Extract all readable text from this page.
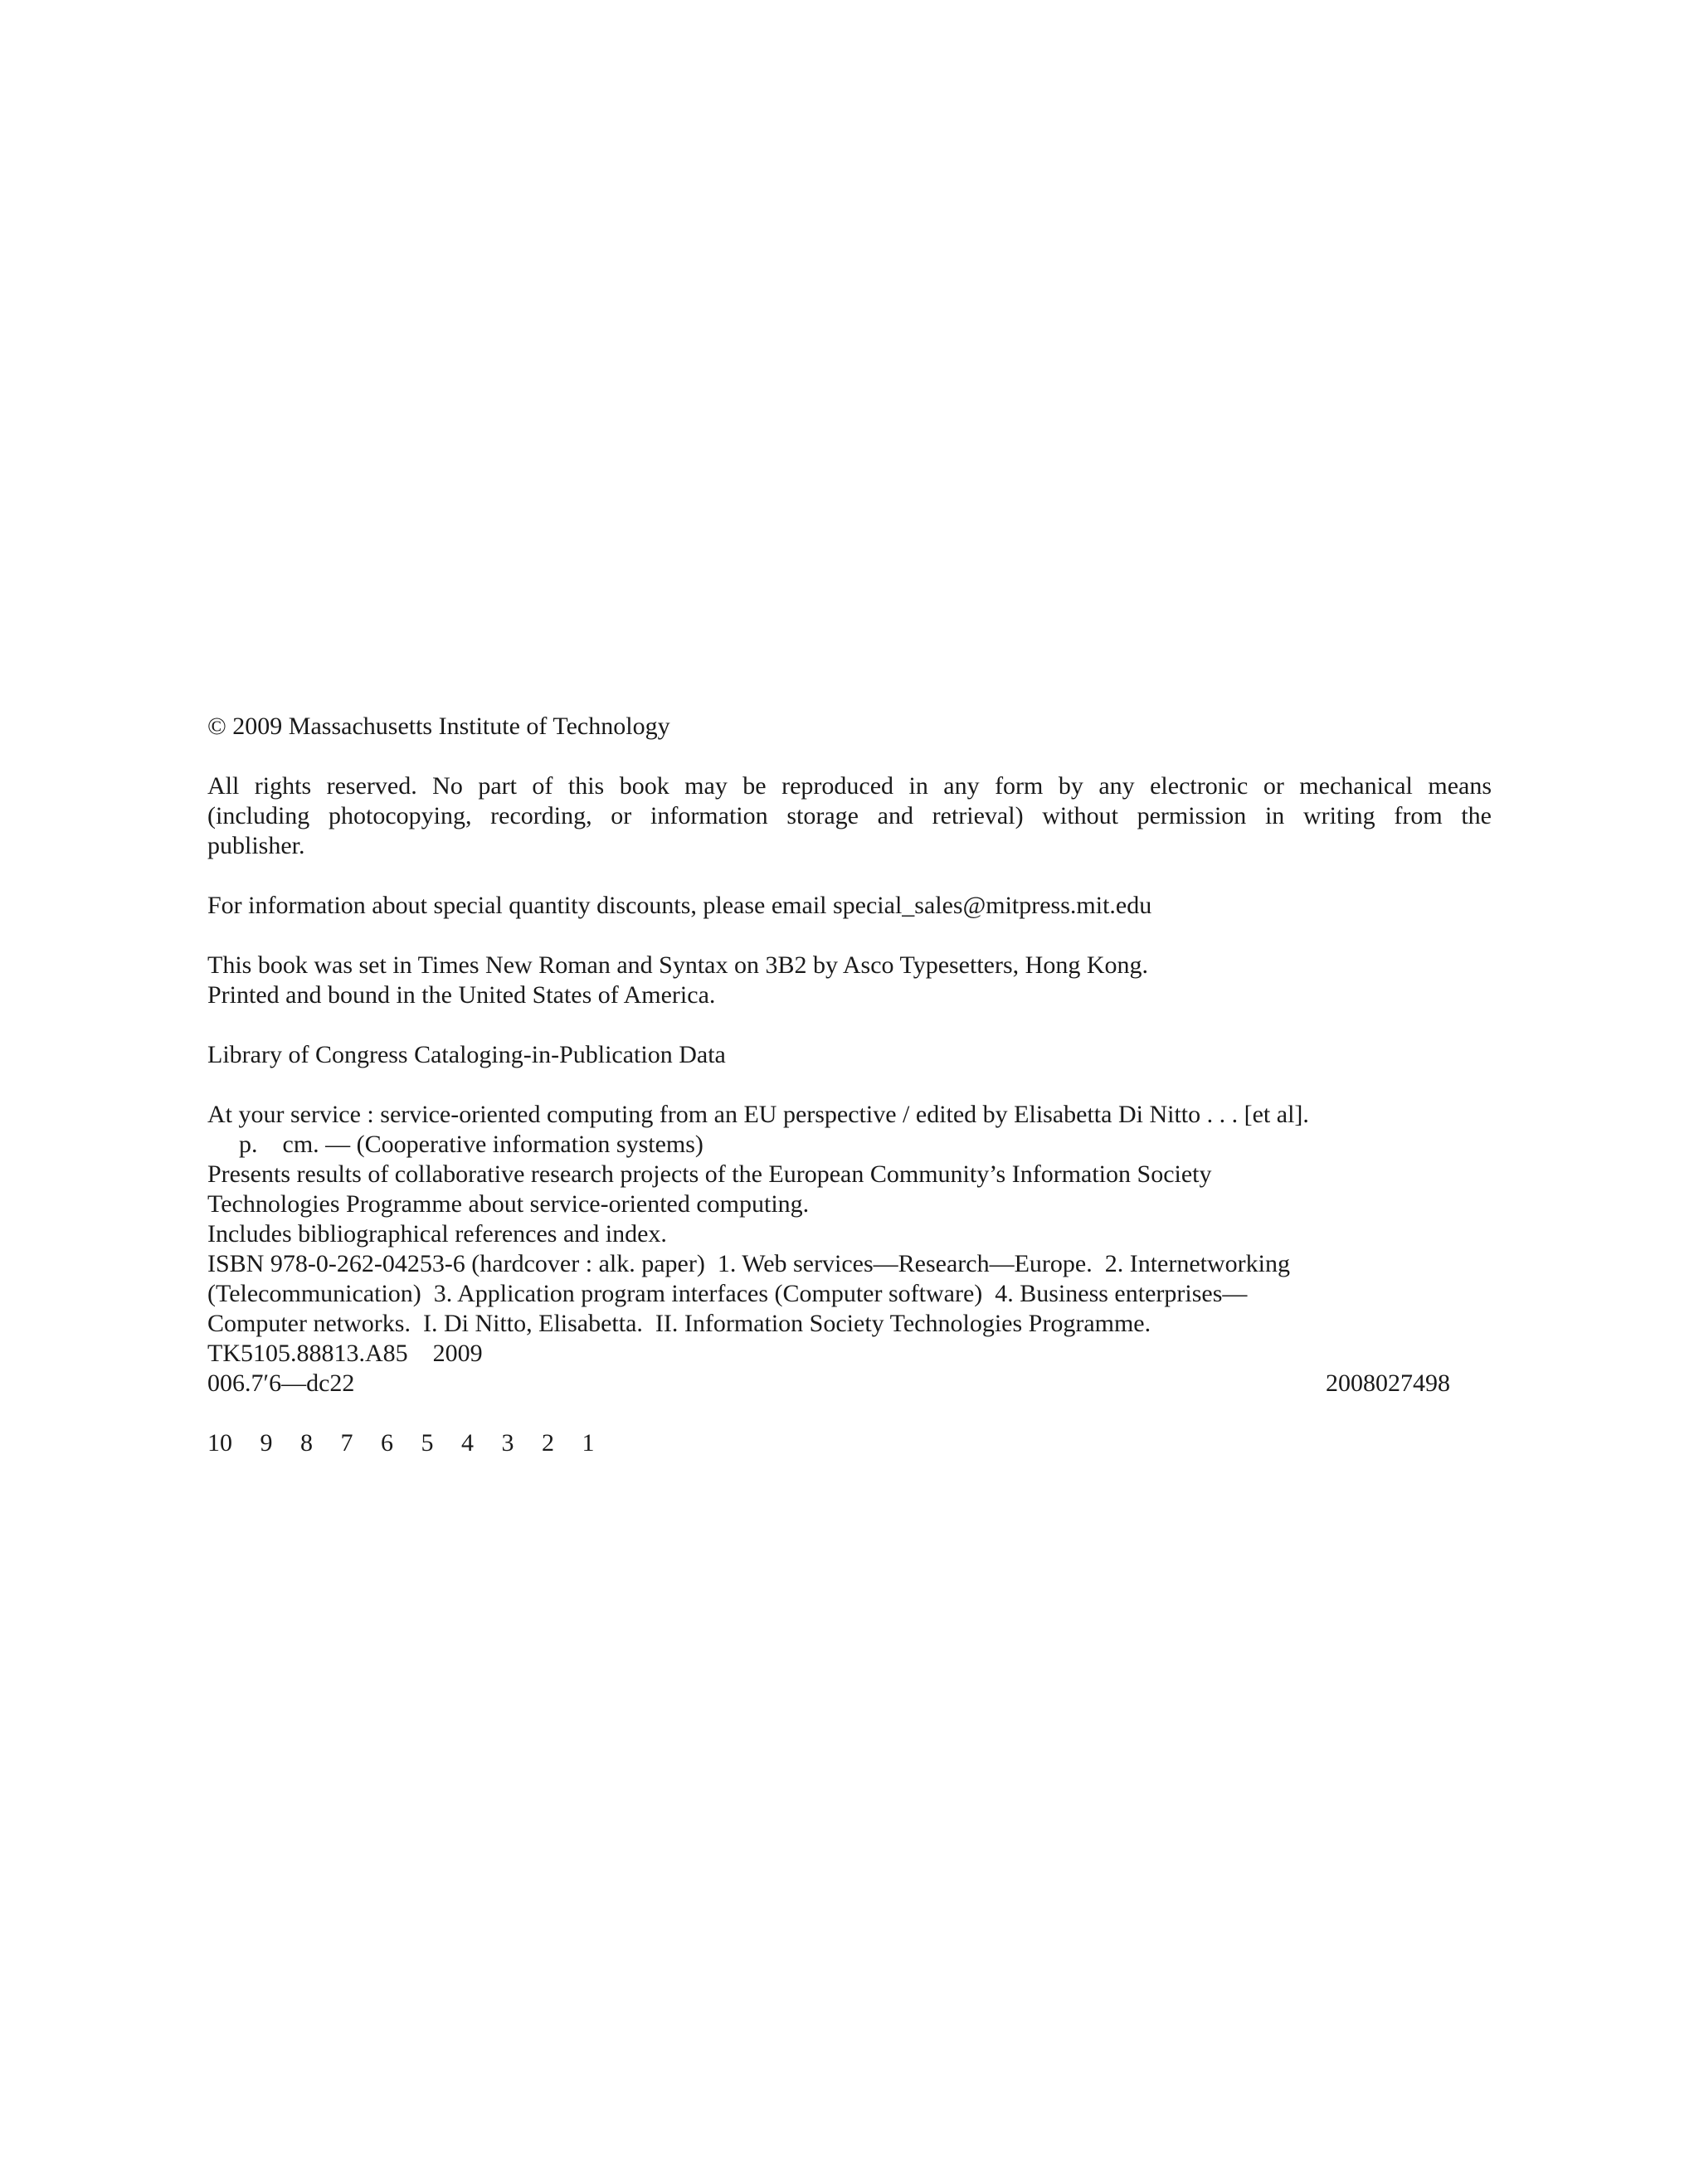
© 2009 Massachusetts Institute of Technology

All rights reserved. No part of this book may be reproduced in any form by any electronic or mechanical means
(including photocopying, recording, or information storage and retrieval) without permission in writing from the
publisher.

For information about special quantity discounts, please email special_sales@mitpress.mit.edu

This book was set in Times New Roman and Syntax on 3B2 by Asco Typesetters, Hong Kong.
Printed and bound in the United States of America.

Library of Congress Cataloging-in-Publication Data

At your service : service-oriented computing from an EU perspective / edited by Elisabetta Di Nitto . . . [et al].
p.    cm. — (Cooperative information systems)
Presents results of collaborative research projects of the European Community’s Information Society
Technologies Programme about service-oriented computing.
Includes bibliographical references and index.
ISBN 978-0-262-04253-6 (hardcover : alk. paper)  1. Web services—Research—Europe.  2. Internetworking
(Telecommunication)  3. Application program interfaces (Computer software)  4. Business enterprises—
Computer networks.  I. Di Nitto, Elisabetta.  II. Information Society Technologies Programme.
TK5105.88813.A85    2009
006.7′6—dc22	2008027498

10 9 8 7 6 5 4 3 2 1
